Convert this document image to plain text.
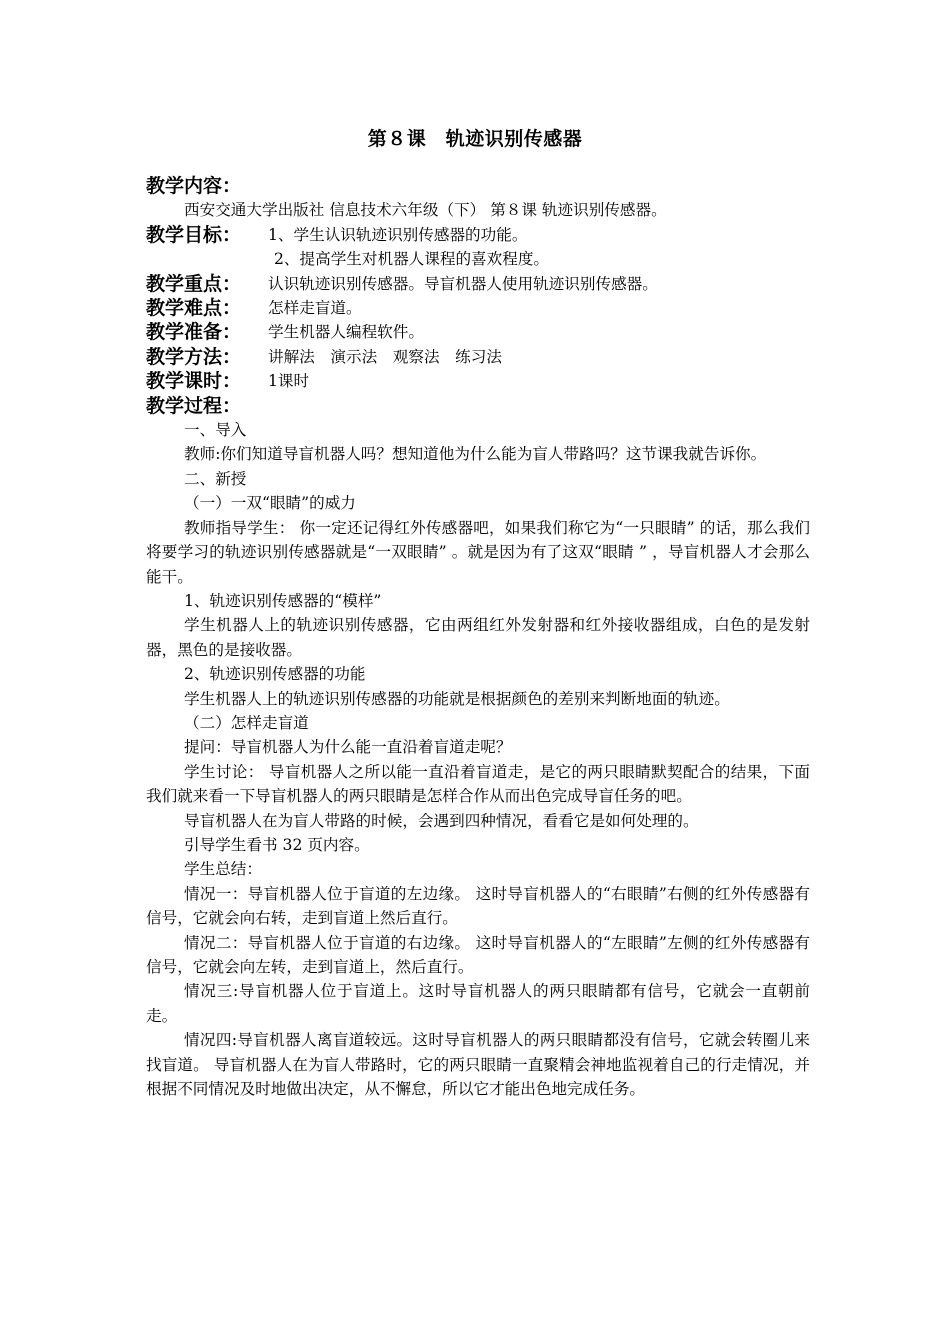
第８课　轨迹识别传感器
教学内容：
西安交通大学出版社 信息技术六年级（下） 第８课 轨迹识别传感器。
教学目标：	1、学生认识轨迹识别传感器的功能。
2、提高学生对机器人课程的喜欢程度。
教学重点：	认识轨迹识别传感器。导盲机器人使用轨迹识别传感器。
教学难点：	怎样走盲道。
教学准备：	学生机器人编程软件。
教学方法：	讲解法　演示法　观察法　练习法
教学课时：	1课时
教学过程：
一、导入
教师:你们知道导盲机器人吗？想知道他为什么能为盲人带路吗？这节课我就告诉你。
二、新授
（一）一双“眼睛”的威力
教师指导学生： 你一定还记得红外传感器吧，如果我们称它为“一只眼睛” 的话，那么我们将要学习的轨迹识别传感器就是“一双眼睛” 。就是因为有了这双“眼睛 ” ，导盲机器人才会那么能干。
1、轨迹识别传感器的“模样”
学生机器人上的轨迹识别传感器，它由两组红外发射器和红外接收器组成，白色的是发射器，黑色的是接收器。
2、轨迹识别传感器的功能
学生机器人上的轨迹识别传感器的功能就是根据颜色的差别来判断地面的轨迹。
（二）怎样走盲道
提问：导盲机器人为什么能一直沿着盲道走呢？
学生讨论： 导盲机器人之所以能一直沿着盲道走，是它的两只眼睛默契配合的结果，下面我们就来看一下导盲机器人的两只眼睛是怎样合作从而出色完成导盲任务的吧。
导盲机器人在为盲人带路的时候，会遇到四种情况，看看它是如何处理的。
引导学生看书 32 页内容。
学生总结：
情况一：导盲机器人位于盲道的左边缘。 这时导盲机器人的“右眼睛”右侧的红外传感器有信号，它就会向右转，走到盲道上然后直行。
情况二：导盲机器人位于盲道的右边缘。 这时导盲机器人的“左眼睛”左侧的红外传感器有信号，它就会向左转，走到盲道上，然后直行。
情况三:导盲机器人位于盲道上。这时导盲机器人的两只眼睛都有信号，它就会一直朝前走。
情况四:导盲机器人离盲道较远。这时导盲机器人的两只眼睛都没有信号，它就会转圈儿来找盲道。 导盲机器人在为盲人带路时，它的两只眼睛一直聚精会神地监视着自己的行走情况，并根据不同情况及时地做出决定，从不懈怠，所以它才能出色地完成任务。
